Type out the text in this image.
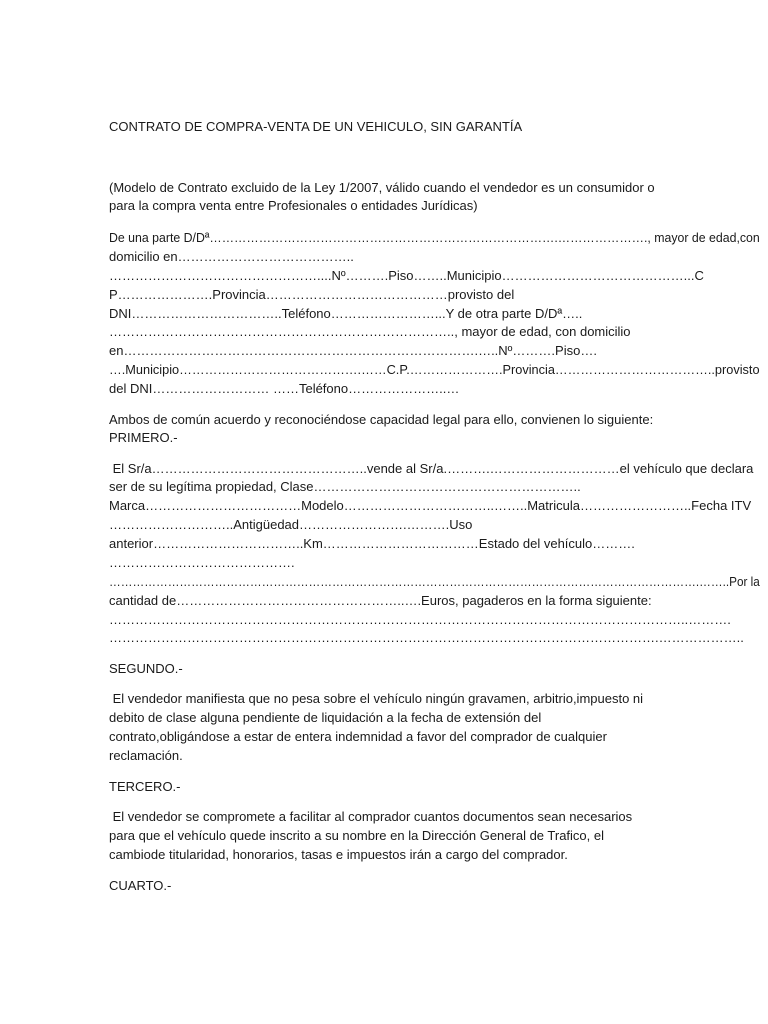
CONTRATO DE COMPRA-VENTA DE UN VEHICULO, SIN GARANTÍA
(Modelo de Contrato excluido de la Ley 1/2007, válido cuando el vendedor es un consumidor o
para la compra venta entre Profesionales o entidades Jurídicas)
De una parte D/Dª………………………………………………………………………….…………………., mayor de edad,con
domicilio en…………………………………..
…………………………………………....Nº……….Piso……..Municipio……………………………………...C
P………………….Provincia……………………………………provisto del
DNI……………………………..Teléfono……………………...Y de otra parte D/Dª…..
…………………………………………………………………….., mayor de edad, con domicilio
en……………………………………………………………………….…..Nº……….Piso….
….Municipio…………………………………….……C.P.………………….Provincia………………………………..provisto
del DNI……………………… ……Teléfono…………………..…
Ambos de común acuerdo y reconociéndose capacidad legal para ello, convienen lo siguiente:
PRIMERO.-
El Sr/a…………………………………………..vende al Sr/a.……….…………………………el vehículo que declara
ser de su legítima propiedad, Clase……………………………………………………..
Marca………………………………Modelo……………………………..……..Matricula……………………..Fecha ITV
………………………..Antigüedad…………………….……….Uso
anterior……………………………..Km………………………………Estado del vehículo……….
…………………………………….
…………………………………………………………………………………………………………………………………….……..Por la
cantidad de……………………………………………..….Euros, pagaderos en la forma siguiente:
……………………………………………………………………………………………………………………..……….
……………………………………………………………………………………………………………….………………..
SEGUNDO.-
El vendedor manifiesta que no pesa sobre el vehículo ningún gravamen, arbitrio,impuesto ni
debito de clase alguna pendiente de liquidación a la fecha de extensión del
contrato,obligándose a estar de entera indemnidad a favor del comprador de cualquier
reclamación.
TERCERO.-
El vendedor se compromete a facilitar al comprador cuantos documentos sean necesarios
para que el vehículo quede inscrito a su nombre en la Dirección General de Trafico, el
cambiode titularidad, honorarios, tasas e impuestos irán a cargo del comprador.
CUARTO.-
